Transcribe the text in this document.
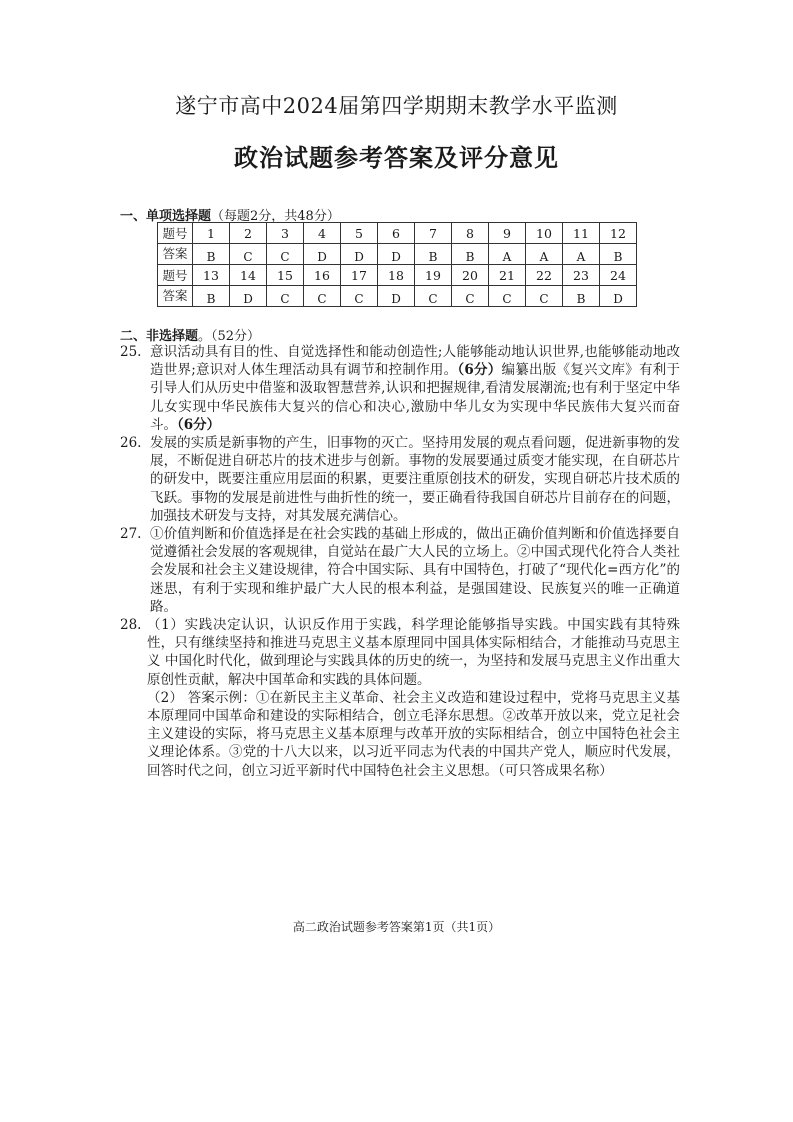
遂宁市高中2024届第四学期期末教学水平监测
政治试题参考答案及评分意见
一、单项选择题（每题2分，共48分）
题号	1	2	3	4	5	6	7	8	9	10	11	12
答案	B	C	C	D	D	D	B	B	A	A	A	B
题号	13	14	15	16	17	18	19	20	21	22	23	24
答案	B	D	C	C	C	D	C	C	C	C	B	D
二、非选择题。（52分）
25. 意识活动具有目的性、自觉选择性和能动创造性;人能够能动地认识世界,也能够能动地改造世界;意识对人体生理活动具有调节和控制作用。（6分）编纂出版《复兴文库》有利于引导人们从历史中借鉴和汲取智慧营养,认识和把握规律,看清发展潮流;也有利于坚定中华儿女实现中华民族伟大复兴的信心和决心,激励中华儿女为实现中华民族伟大复兴而奋斗。（6分）
26. 发展的实质是新事物的产生，旧事物的灭亡。坚持用发展的观点看问题，促进新事物的发展，不断促进自研芯片的技术进步与创新。事物的发展要通过质变才能实现，在自研芯片的研发中，既要注重应用层面的积累，更要注重原创技术的研发，实现自研芯片技术质的飞跃。事物的发展是前进性与曲折性的统一，要正确看待我国自研芯片目前存在的问题，加强技术研发与支持，对其发展充满信心。
27. ①价值判断和价值选择是在社会实践的基础上形成的，做出正确价值判断和价值选择要自觉遵循社会发展的客观规律，自觉站在最广大人民的立场上。②中国式现代化符合人类社会发展和社会主义建设规律，符合中国实际、具有中国特色，打破了“现代化=西方化”的迷思，有利于实现和维护最广大人民的根本利益，是强国建设、民族复兴的唯一正确道路。
28. （1）实践决定认识，认识反作用于实践，科学理论能够指导实践。中国实践有其特殊性，只有继续坚持和推进马克思主义基本原理同中国具体实际相结合，才能推动马克思主义 中国化时代化，做到理论与实践具体的历史的统一，为坚持和发展马克思主义作出重大原创性贡献，解决中国革命和实践的具体问题。

（2） 答案示例：①在新民主主义革命、社会主义改造和建设过程中，党将马克思主义基本原理同中国革命和建设的实际相结合，创立毛泽东思想。②改革开放以来，党立足社会主义建设的实际，将马克思主义基本原理与改革开放的实际相结合，创立中国特色社会主义理论体系。③党的十八大以来，以习近平同志为代表的中国共产党人，顺应时代发展，回答时代之问，创立习近平新时代中国特色社会主义思想。（可只答成果名称）

高二政治试题参考答案第1页（共1页）
